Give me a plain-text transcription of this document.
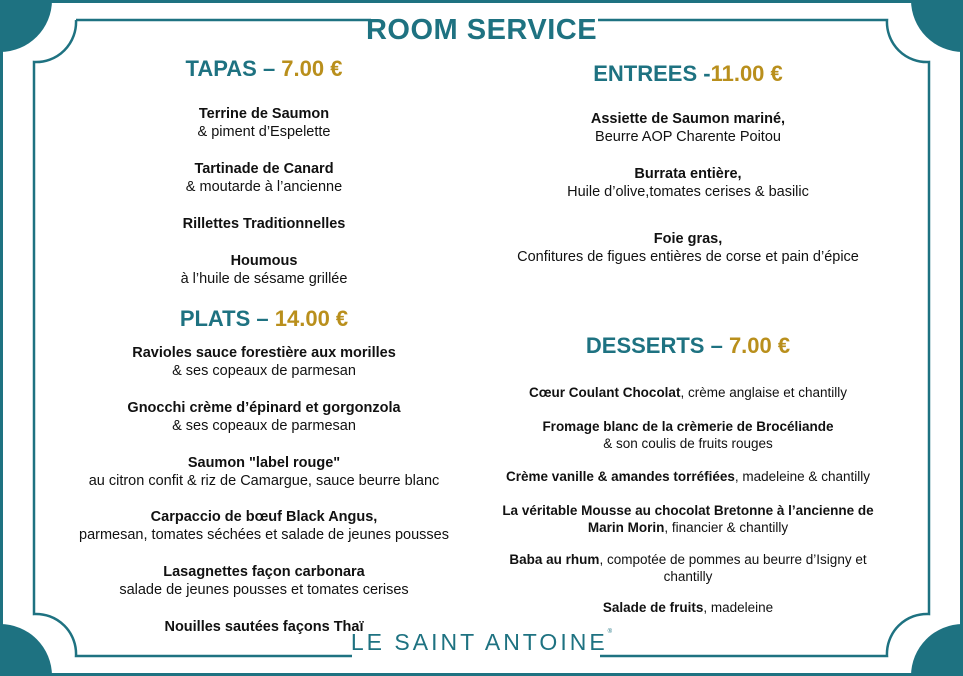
ROOM SERVICE
TAPAS – 7.00 €
Terrine de Saumon
& piment d’Espelette
Tartinade de Canard
& moutarde à l’ancienne
Rillettes Traditionnelles
Houmous
à l’huile de sésame grillée
PLATS – 14.00 €
Ravioles sauce forestière aux morilles
& ses copeaux de parmesan
Gnocchi crème d’épinard et gorgonzola
& ses copeaux de parmesan
Saumon "label rouge"
au citron confit & riz de Camargue, sauce beurre blanc
Carpaccio de bœuf Black Angus,
parmesan, tomates séchées et salade de jeunes pousses
Lasagnettes façon carbonara
salade de jeunes pousses et tomates cerises
Nouilles sautées façons Thaï
ENTREES -11.00 €
Assiette de Saumon mariné,
Beurre AOP Charente Poitou
Burrata entière,
Huile d’olive,tomates cerises & basilic
Foie gras,
Confitures de figues entières de corse et pain d’épice
DESSERTS – 7.00 €
Cœur Coulant Chocolat, crème anglaise et chantilly
Fromage blanc de la crèmerie de Brocéliande
& son coulis de fruits rouges
Crème vanille & amandes torréfiées, madeleine & chantilly
La véritable Mousse au chocolat Bretonne à l’ancienne de Marin Morin, financier & chantilly
Baba au rhum, compotée de pommes au beurre d’Isigny et chantilly
Salade de fruits, madeleine
LE SAINT ANTOINE®
